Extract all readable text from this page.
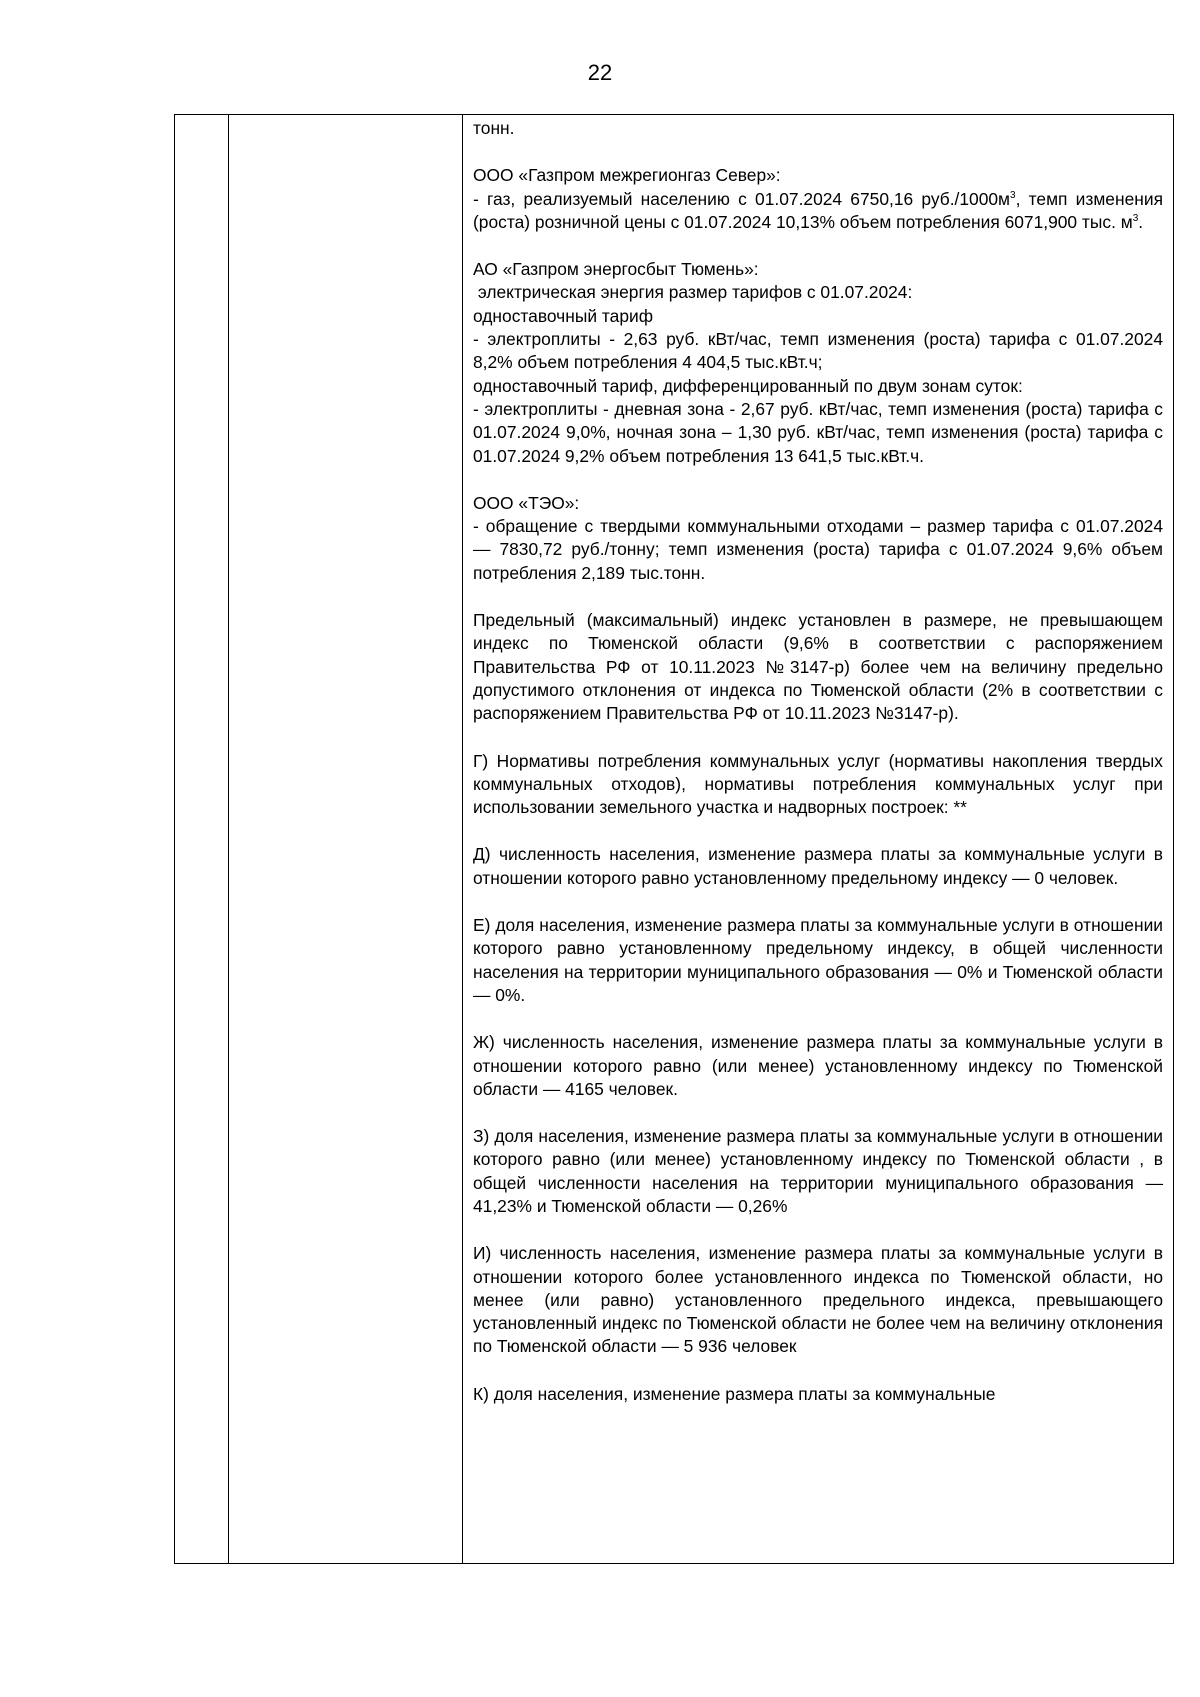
22

тонн.

ООО «Газпром межрегионгаз Север»:
- газ, реализуемый населению с 01.07.2024 6750,16 $руб./1000м^3$, темп изменения (роста) розничной цены с 01.07.2024 10,13% объем потребления 6071,900 тыс. $м^3$.

АО «Газпром энергосбыт Тюмень»:
электрическая энергия размер тарифов с 01.07.2024:
одноставочный тариф
- электроплиты - 2,63 руб. кВт/час, темп изменения (роста) тарифа с 01.07.2024 8,2% объем потребления 4 404,5 тыс.кВт.ч;
одноставочный тариф, дифференцированный по двум зонам суток:
- электроплиты - дневная зона - 2,67 руб. кВт/час, темп изменения (роста) тарифа с 01.07.2024 9,0%, ночная зона – 1,30 руб. кВт/час, темп изменения (роста) тарифа с 01.07.2024 9,2% объем потребления 13 641,5 тыс.кВт.ч.

ООО «ТЭО»:
- обращение с твердыми коммунальными отходами – размер тарифа с 01.07.2024 — 7830,72 руб./тонну; темп изменения (роста) тарифа с 01.07.2024 9,6% объем потребления 2,189 тыс.тонн.

Предельный (максимальный) индекс установлен в размере, не превышающем индекс по Тюменской области (9,6% в соответствии с распоряжением Правительства РФ от 10.11.2023 №3147-р) более чем на величину предельно допустимого отклонения от индекса по Тюменской области (2% в соответствии с распоряжением Правительства РФ от 10.11.2023 №3147-р).

Г) Нормативы потребления коммунальных услуг (нормативы накопления твердых коммунальных отходов), нормативы потребления коммунальных услуг при использовании земельного участка и надворных построек: **

Д) численность населения, изменение размера платы за коммунальные услуги в отношении которого равно установленному предельному индексу — 0 человек.

Е) доля населения, изменение размера платы за коммунальные услуги в отношении которого равно установленному предельному индексу, в общей численности населения на территории муниципального образования — 0% и Тюменской области — 0%.

Ж) численность населения, изменение размера платы за коммунальные услуги в отношении которого равно (или менее) установленному индексу по Тюменской области — 4165 человек.

З) доля населения, изменение размера платы за коммунальные услуги в отношении которого равно (или менее) установленному индексу по Тюменской области , в общей численности населения на территории муниципального образования — 41,23% и Тюменской области — 0,26%

И) численность населения, изменение размера платы за коммунальные услуги в отношении которого более установленного индекса по Тюменской области, но менее (или равно) установленного предельного индекса, превышающего установленный индекс по Тюменской области не более чем на величину отклонения по Тюменской области — 5 936 человек

К) доля населения, изменение размера платы за коммунальные
